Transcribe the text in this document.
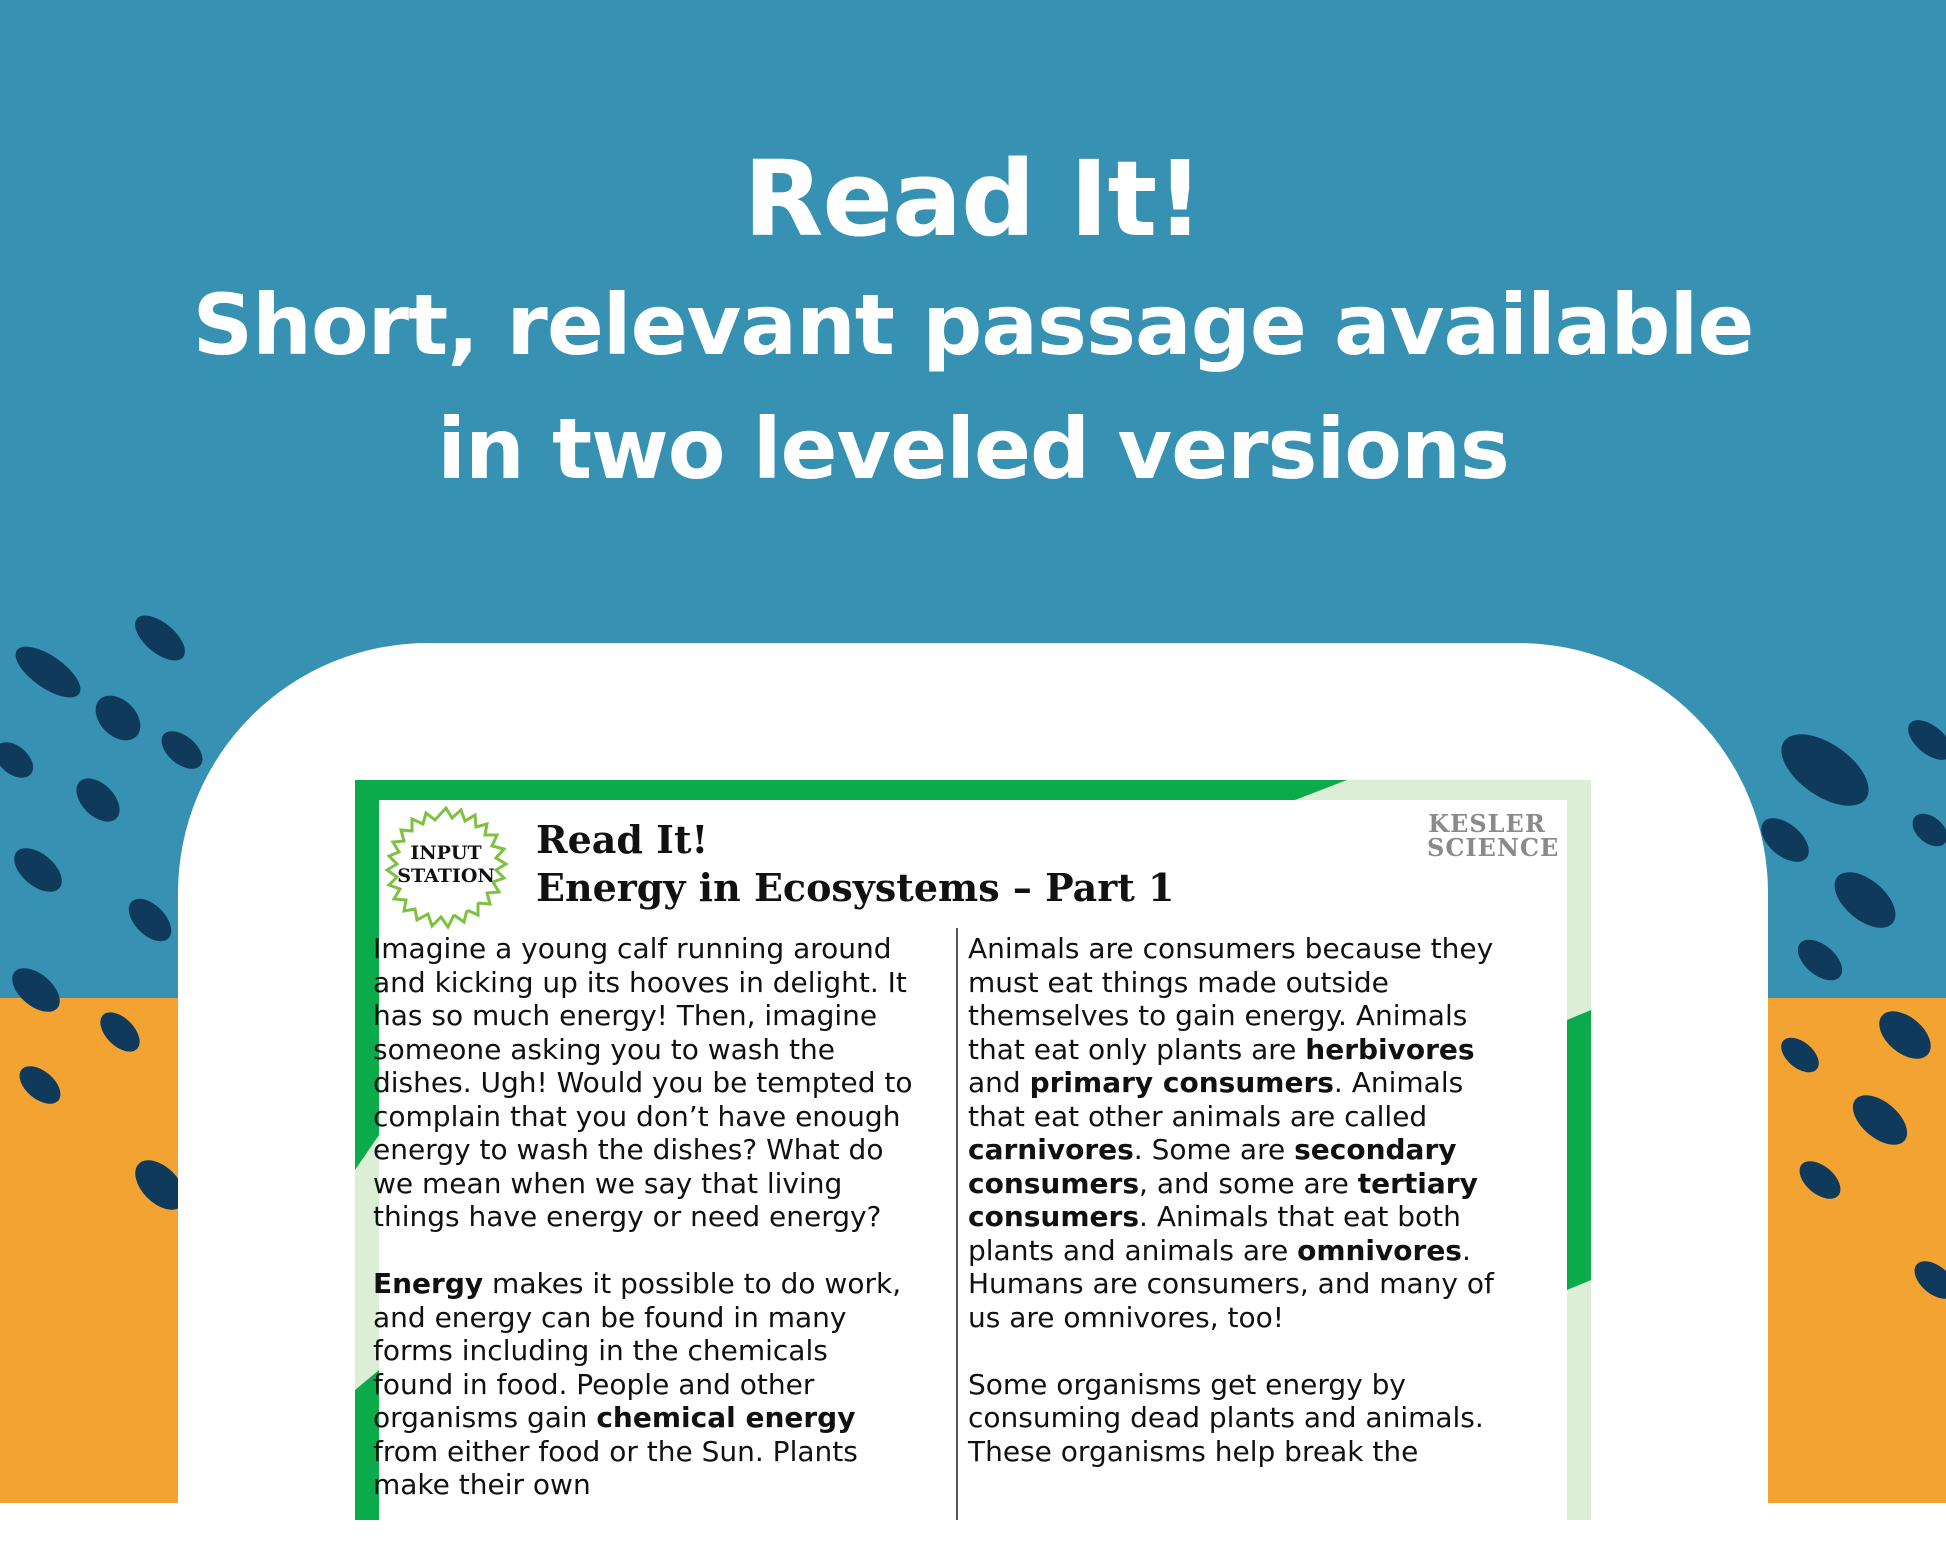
Read It!
Short, relevant passage available
in two leveled versions
INPUT
STATION
Read It!
Energy in Ecosystems – Part 1
KESLER
SCIENCE

Imagine a young calf running around and kicking up its hooves in delight. It has so much energy! Then, imagine someone asking you to wash the dishes. Ugh! Would you be tempted to complain that you don’t have enough energy to wash the dishes? What do we mean when we say that living things have energy or need energy?

Energy makes it possible to do work, and energy can be found in many forms including in the chemicals found in food. People and other organisms gain chemical energy from either food or the Sun. Plants make their own

Animals are consumers because they must eat things made outside themselves to gain energy. Animals that eat only plants are herbivores and primary consumers. Animals that eat other animals are called carnivores. Some are secondary consumers, and some are tertiary consumers. Animals that eat both plants and animals are omnivores. Humans are consumers, and many of us are omnivores, too!

Some organisms get energy by consuming dead plants and animals. These organisms help break the
